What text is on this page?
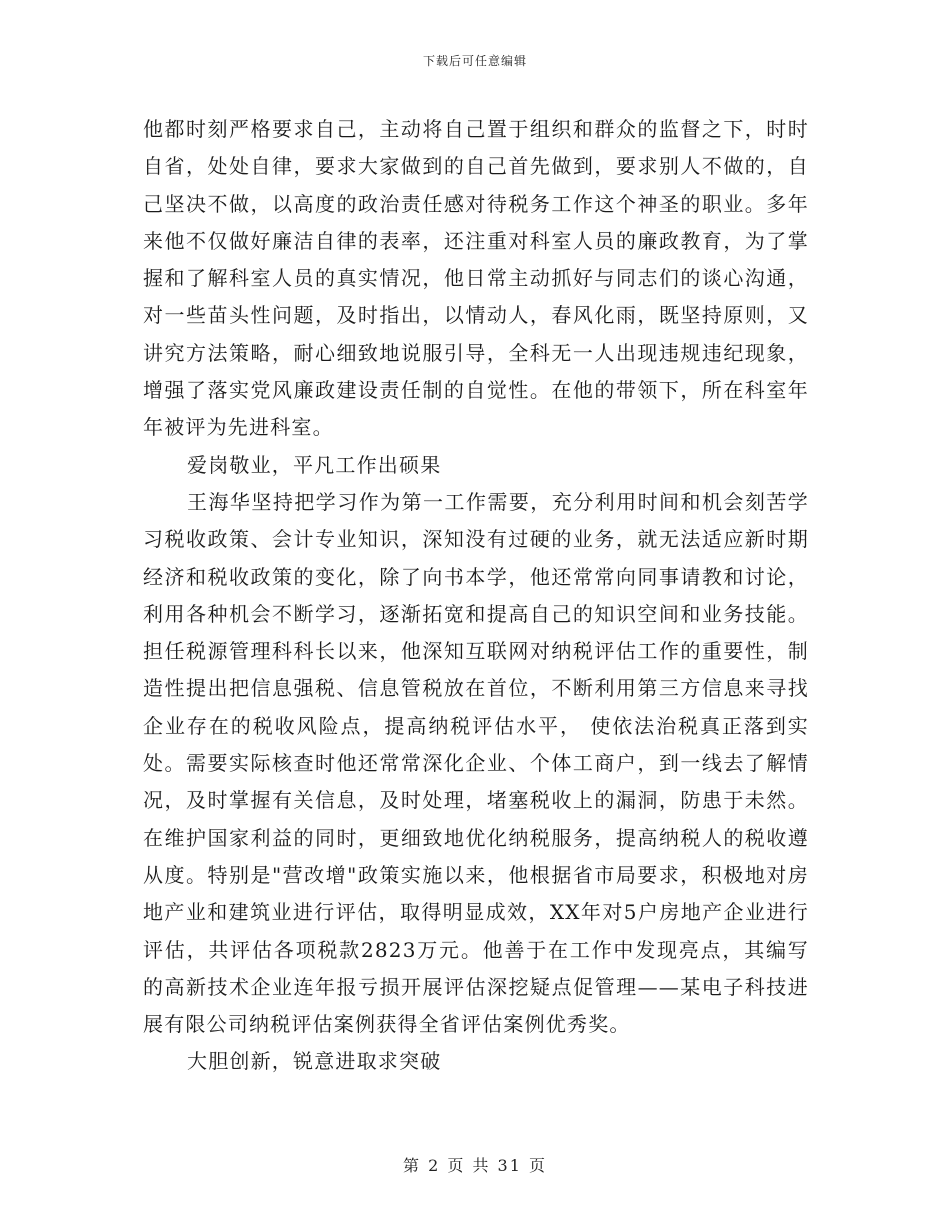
下载后可任意编辑

他都时刻严格要求自己，主动将自己置于组织和群众的监督之下，时时自省，处处自律，要求大家做到的自己首先做到，要求别人不做的，自己坚决不做，以高度的政治责任感对待税务工作这个神圣的职业。多年来他不仅做好廉洁自律的表率，还注重对科室人员的廉政教育，为了掌握和了解科室人员的真实情况，他日常主动抓好与同志们的谈心沟通，对一些苗头性问题，及时指出，以情动人，春风化雨，既坚持原则，又讲究方法策略，耐心细致地说服引导，全科无一人出现违规违纪现象，增强了落实党风廉政建设责任制的自觉性。在他的带领下，所在科室年年被评为先进科室。

爱岗敬业，平凡工作出硕果

王海华坚持把学习作为第一工作需要，充分利用时间和机会刻苦学习税收政策、会计专业知识，深知没有过硬的业务，就无法适应新时期经济和税收政策的变化，除了向书本学，他还常常向同事请教和讨论，利用各种机会不断学习，逐渐拓宽和提高自己的知识空间和业务技能。担任税源管理科科长以来，他深知互联网对纳税评估工作的重要性，制造性提出把信息强税、信息管税放在首位，不断利用第三方信息来寻找企业存在的税收风险点，提高纳税评估水平， 使依法治税真正落到实处。需要实际核查时他还常常深化企业、个体工商户，到一线去了解情况，及时掌握有关信息，及时处理，堵塞税收上的漏洞，防患于未然。在维护国家利益的同时，更细致地优化纳税服务，提高纳税人的税收遵从度。特别是"营改增"政策实施以来，他根据省市局要求，积极地对房地产业和建筑业进行评估，取得明显成效，XX年对5户房地产企业进行评估，共评估各项税款2823万元。他善于在工作中发现亮点，其编写的高新技术企业连年报亏损开展评估深挖疑点促管理——某电子科技进展有限公司纳税评估案例获得全省评估案例优秀奖。

大胆创新，锐意进取求突破

第 2 页 共 31 页
